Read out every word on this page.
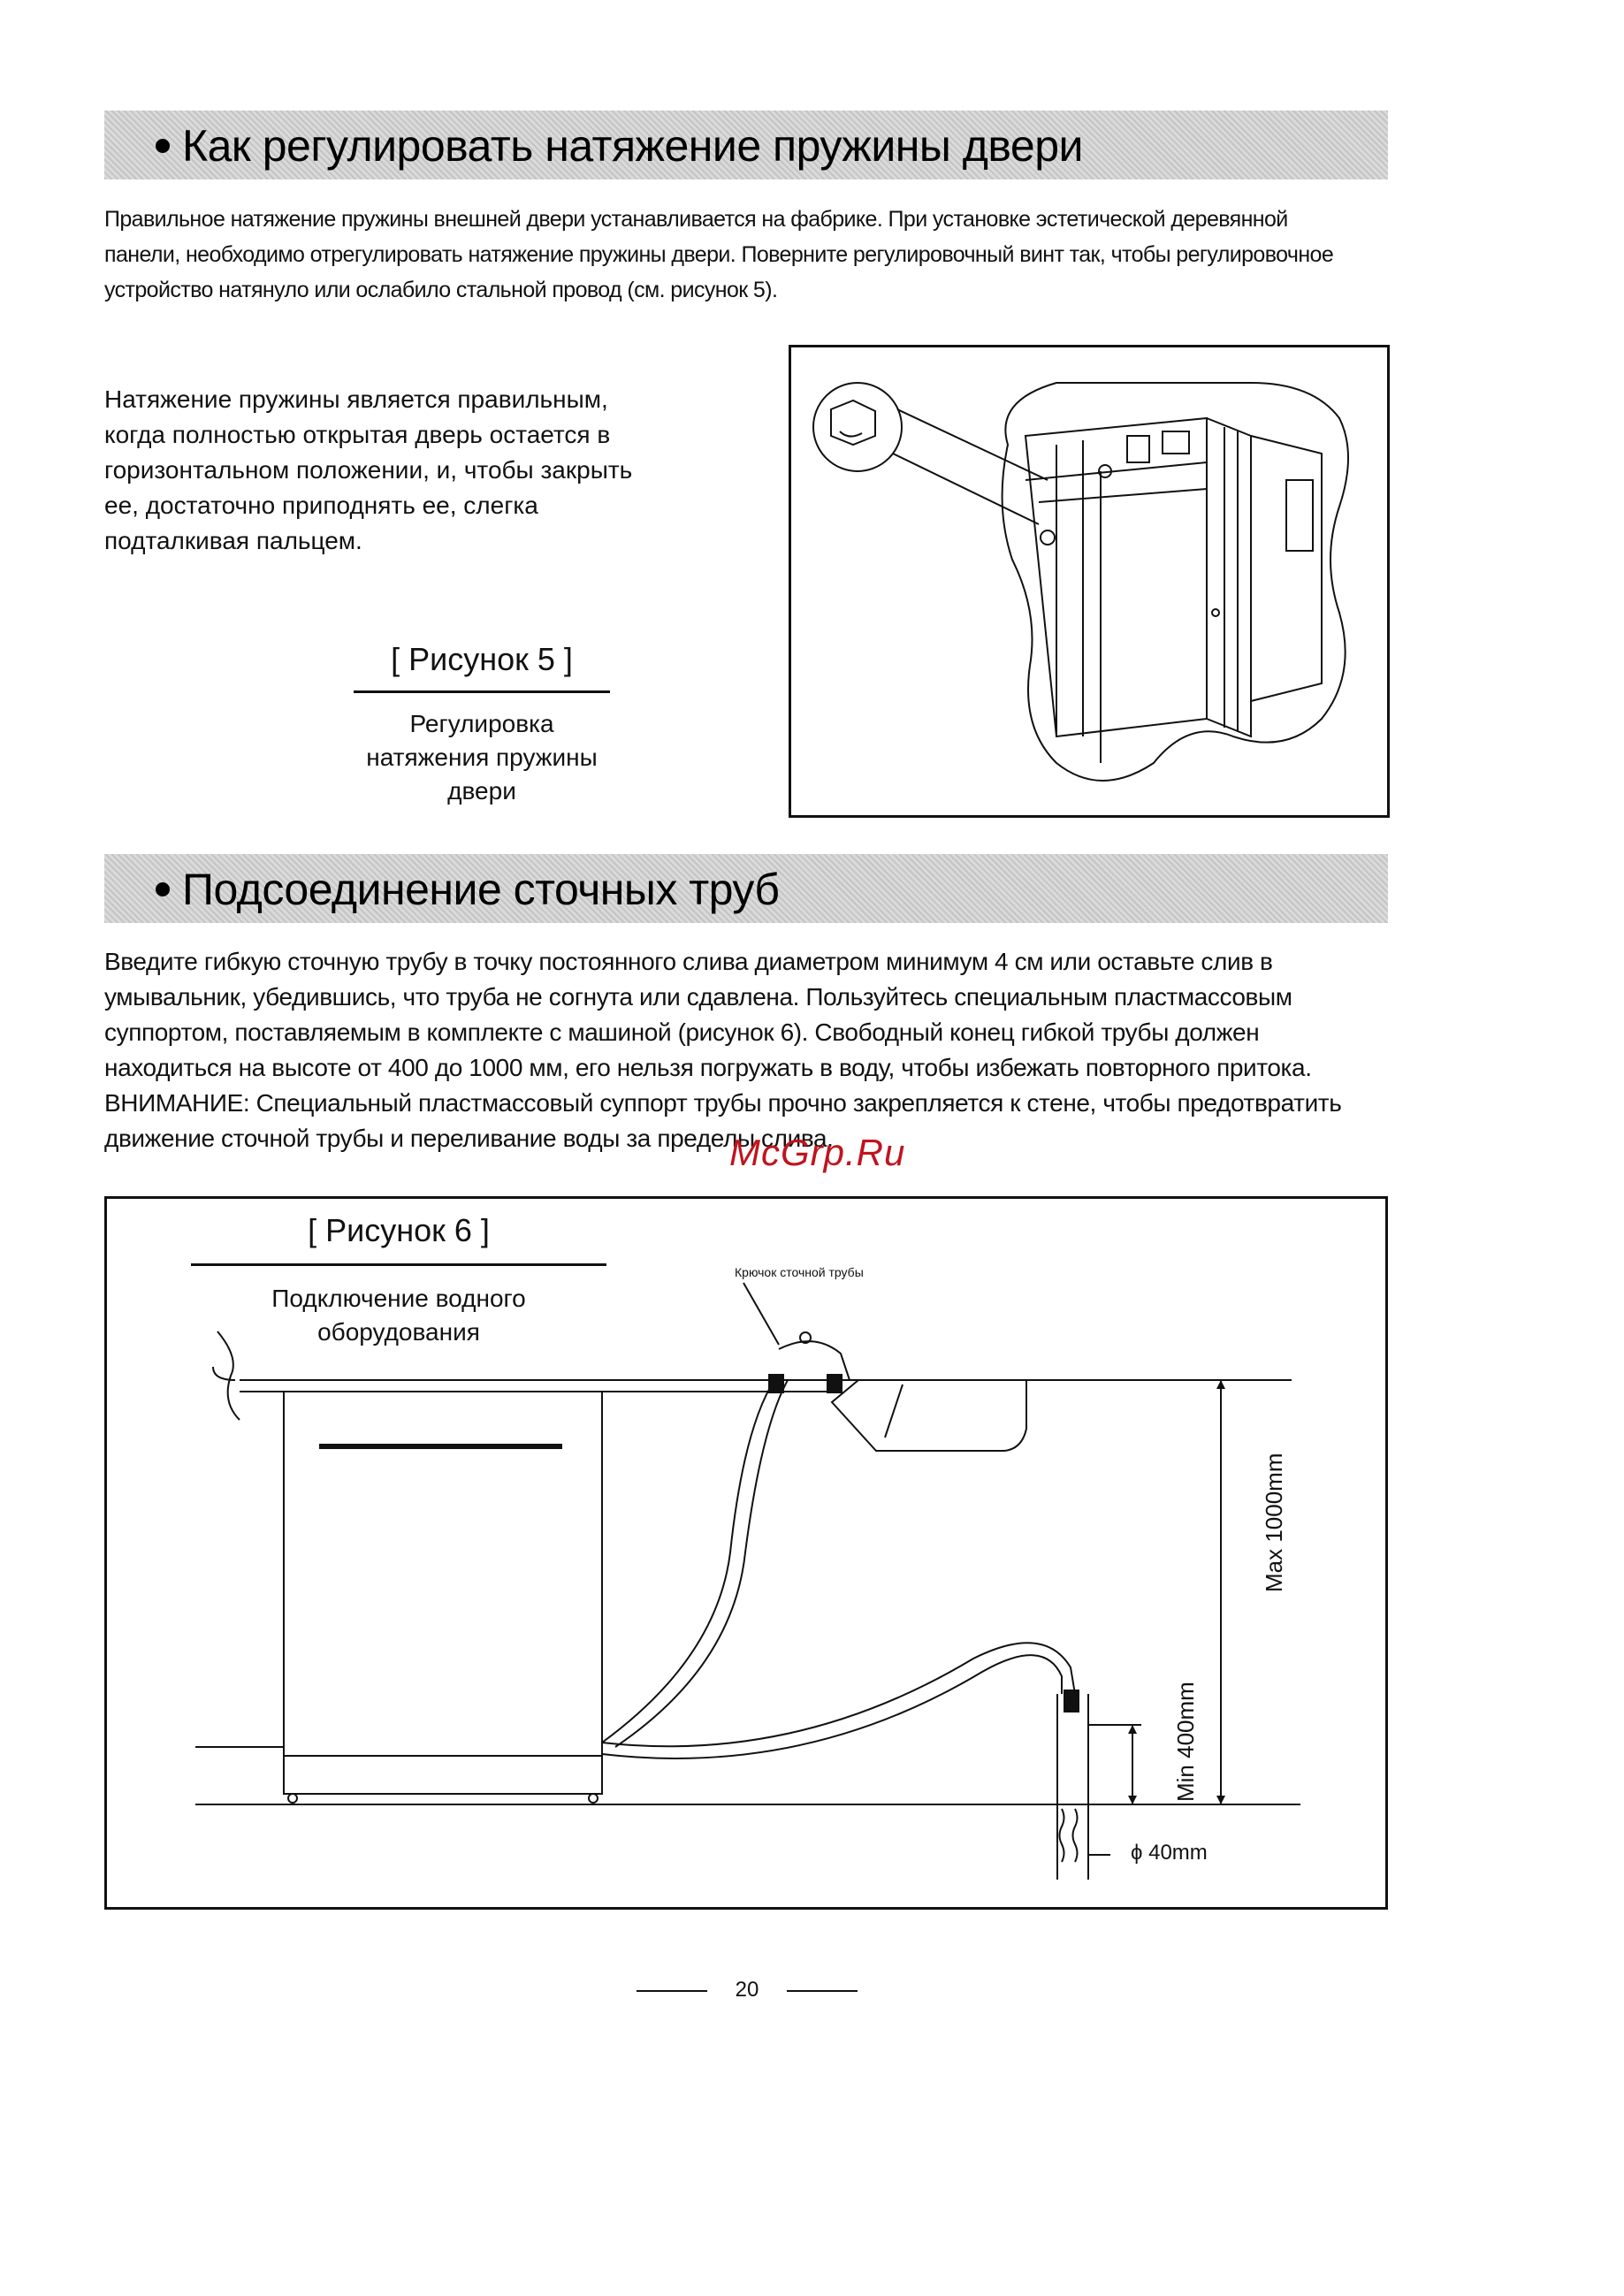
Как регулировать натяжение пружины двери
Правильное натяжение пружины внешней двери устанавливается на фабрике. При установке эстетической деревянной
панели, необходимо отрегулировать натяжение пружины двери. Поверните регулировочный винт так, чтобы регулировочное
устройство натянуло или ослабило стальной провод (см. рисунок 5).
Натяжение пружины является правильным,
когда полностью открытая дверь остается в
горизонтальном положении, и, чтобы закрыть
ее, достаточно приподнять ее, слегка
подталкивая пальцем.
[ Рисунок 5 ]
Регулировка
натяжения пружины
двери
Подсоединение сточных труб
Введите гибкую сточную трубу в точку постоянного слива диаметром минимум 4 см или оставьте слив в
умывальник, убедившись, что труба не согнута или сдавлена. Пользуйтесь специальным пластмассовым
суппортом, поставляемым в комплекте с машиной (рисунок 6). Свободный конец гибкой трубы должен
находиться на высоте от 400 до 1000 мм, его нельзя погружать в воду, чтобы избежать повторного притока.
ВНИМАНИЕ: Специальный пластмассовый суппорт трубы прочно закрепляется к стене, чтобы предотвратить
движение сточной трубы и переливание воды за пределы слива.
McGrp.Ru
[ Рисунок 6 ]
Подключение водного
оборудования
Крючок сточной трубы
Max 1000mm
Min 400mm
ϕ 40mm
20
